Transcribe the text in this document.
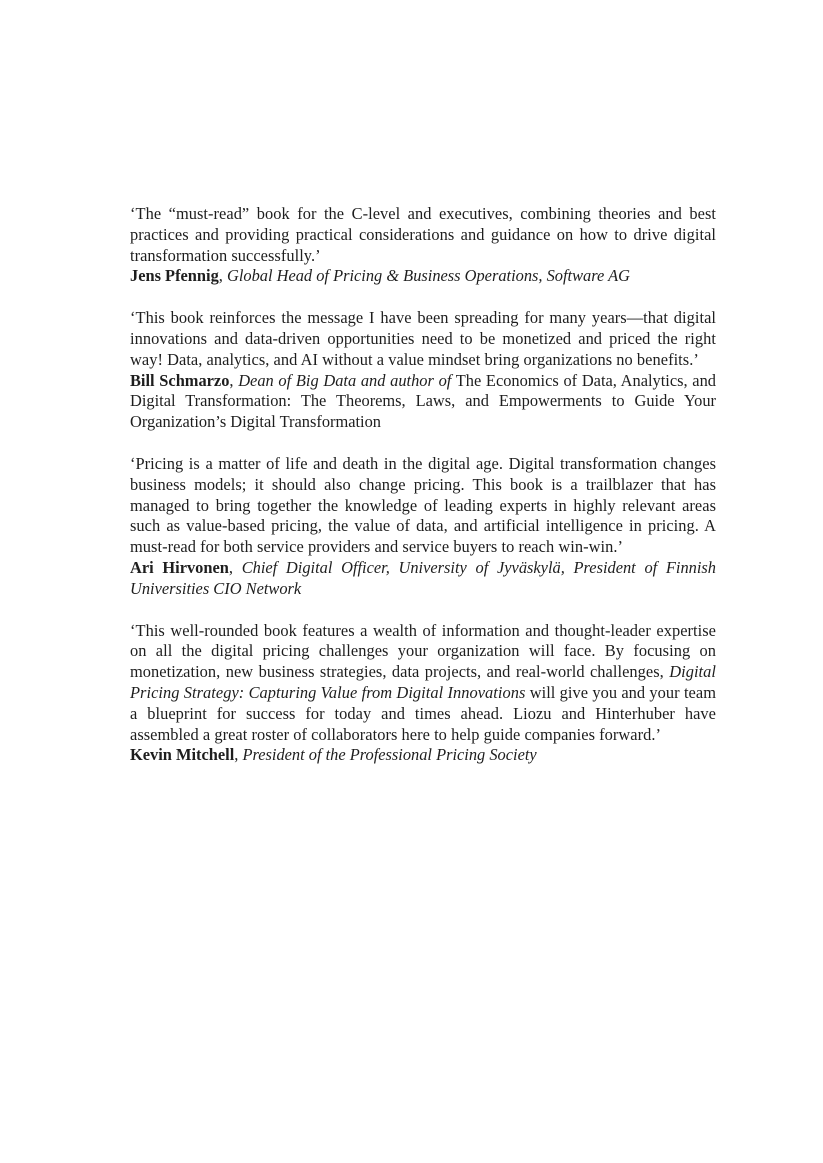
‘The “must-read” book for the C-level and executives, combining theories and best practices and providing practical considerations and guidance on how to drive digital transformation successfully.’

Jens Pfennig, Global Head of Pricing & Business Operations, Software AG

‘This book reinforces the message I have been spreading for many years—that digital innovations and data-driven opportunities need to be monetized and priced the right way! Data, analytics, and AI without a value mindset bring organizations no benefits.’

Bill Schmarzo, Dean of Big Data and author of The Economics of Data, Analytics, and Digital Transformation: The Theorems, Laws, and Empowerments to Guide Your Organization’s Digital Transformation

‘Pricing is a matter of life and death in the digital age. Digital transformation changes business models; it should also change pricing. This book is a trailblazer that has managed to bring together the knowledge of leading experts in highly relevant areas such as value-based pricing, the value of data, and artificial intelligence in pricing. A must-read for both service providers and service buyers to reach win-win.’

Ari Hirvonen, Chief Digital Officer, University of Jyväskylä, President of Finnish Universities CIO Network

‘This well-rounded book features a wealth of information and thought-leader expertise on all the digital pricing challenges your organization will face. By focusing on monetization, new business strategies, data projects, and real-world challenges, Digital Pricing Strategy: Capturing Value from Digital Innovations will give you and your team a blueprint for success for today and times ahead. Liozu and Hinterhuber have assembled a great roster of collaborators here to help guide companies forward.’

Kevin Mitchell, President of the Professional Pricing Society
